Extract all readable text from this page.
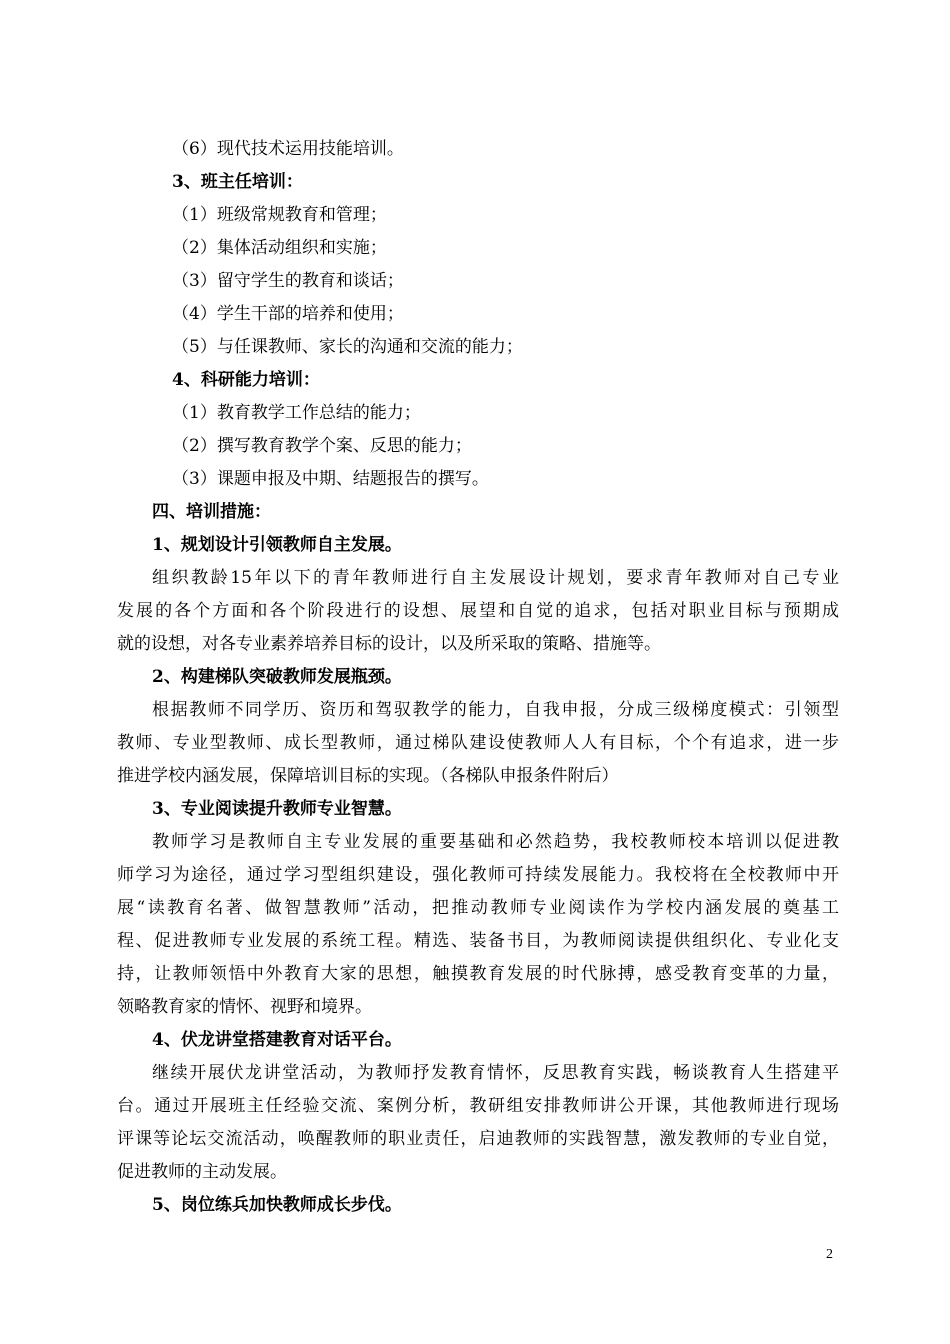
（6）现代技术运用技能培训。
3、班主任培训：
（1）班级常规教育和管理；
（2）集体活动组织和实施；
（3）留守学生的教育和谈话；
（4）学生干部的培养和使用；
（5）与任课教师、家长的沟通和交流的能力；
4、科研能力培训：
（1）教育教学工作总结的能力；
（2）撰写教育教学个案、反思的能力；
（3）课题申报及中期、结题报告的撰写。
四、培训措施：
1、规划设计引领教师自主发展。
组织教龄15年以下的青年教师进行自主发展设计规划，要求青年教师对自己专业
发展的各个方面和各个阶段进行的设想、展望和自觉的追求，包括对职业目标与预期成
就的设想，对各专业素养培养目标的设计，以及所采取的策略、措施等。
2、构建梯队突破教师发展瓶颈。
根据教师不同学历、资历和驾驭教学的能力，自我申报，分成三级梯度模式：引领型
教师、专业型教师、成长型教师，通过梯队建设使教师人人有目标，个个有追求，进一步
推进学校内涵发展，保障培训目标的实现。（各梯队申报条件附后）
3、专业阅读提升教师专业智慧。
教师学习是教师自主专业发展的重要基础和必然趋势，我校教师校本培训以促进教
师学习为途径，通过学习型组织建设，强化教师可持续发展能力。我校将在全校教师中开
展“读教育名著、做智慧教师”活动，把推动教师专业阅读作为学校内涵发展的奠基工
程、促进教师专业发展的系统工程。精选、装备书目，为教师阅读提供组织化、专业化支
持，让教师领悟中外教育大家的思想，触摸教育发展的时代脉搏，感受教育变革的力量，
领略教育家的情怀、视野和境界。
4、伏龙讲堂搭建教育对话平台。
继续开展伏龙讲堂活动，为教师抒发教育情怀，反思教育实践，畅谈教育人生搭建平
台。通过开展班主任经验交流、案例分析，教研组安排教师讲公开课，其他教师进行现场
评课等论坛交流活动，唤醒教师的职业责任，启迪教师的实践智慧，激发教师的专业自觉，
促进教师的主动发展。
5、岗位练兵加快教师成长步伐。
2
